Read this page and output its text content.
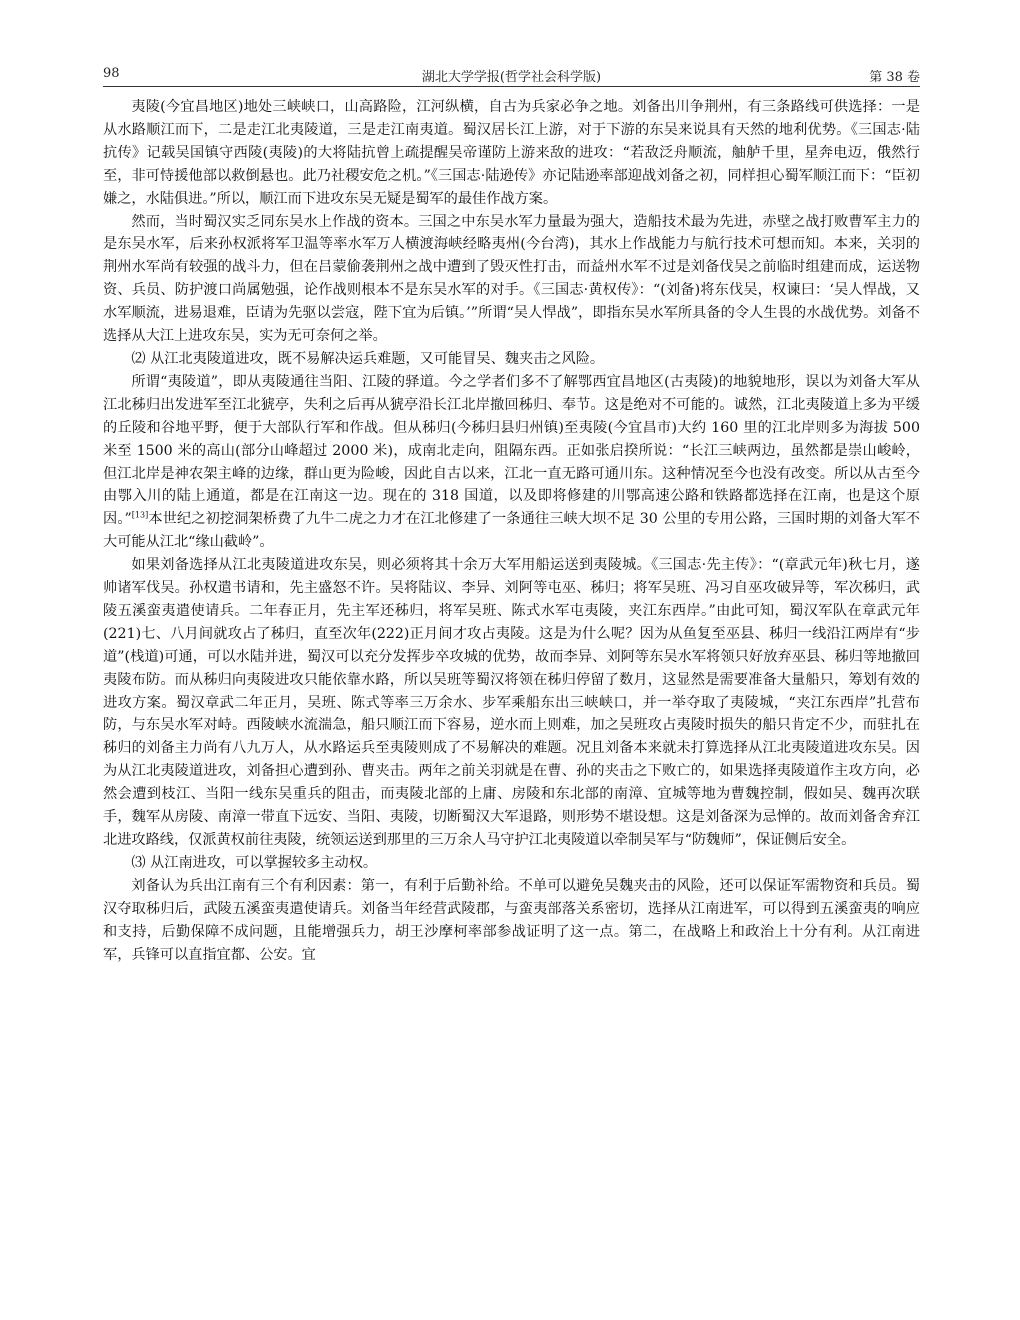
98	湖北大学学报(哲学社会科学版)	第 38 卷

夷陵(今宜昌地区)地处三峡峡口，山高路险，江河纵横，自古为兵家必争之地。刘备出川争荆州，有三条路线可供选择：一是从水路顺江而下，二是走江北夷陵道，三是走江南夷道。蜀汉居长江上游，对于下游的东吴来说具有天然的地利优势。《三国志·陆抗传》记载吴国镇守西陵(夷陵)的大将陆抗曾上疏提醒吴帝谨防上游来敌的进攻：“若敌泛舟顺流，舳舻千里，星奔电迈，俄然行至，非可恃援他部以救倒悬也。此乃社稷安危之机。”《三国志·陆逊传》亦记陆逊率部迎战刘备之初，同样担心蜀军顺江而下：“臣初嫌之，水陆俱进。”所以，顺江而下进攻东吴无疑是蜀军的最佳作战方案。

然而，当时蜀汉实乏同东吴水上作战的资本。三国之中东吴水军力量最为强大，造船技术最为先进，赤壁之战打败曹军主力的是东吴水军，后来孙权派将军卫温等率水军万人横渡海峡经略夷州(今台湾)，其水上作战能力与航行技术可想而知。本来，关羽的荆州水军尚有较强的战斗力，但在吕蒙偷袭荆州之战中遭到了毁灭性打击，而益州水军不过是刘备伐吴之前临时组建而成，运送物资、兵员、防护渡口尚属勉强，论作战则根本不是东吴水军的对手。《三国志·黄权传》：“(刘备)将东伐吴，权谏曰：‘吴人悍战，又水军顺流，进易退难，臣请为先驱以尝寇，陛下宜为后镇。’”所谓“吴人悍战”，即指东吴水军所具备的令人生畏的水战优势。刘备不选择从大江上进攻东吴，实为无可奈何之举。

⑵ 从江北夷陵道进攻，既不易解决运兵难题，又可能冒吴、魏夹击之风险。

所谓“夷陵道”，即从夷陵通往当阳、江陵的驿道。今之学者们多不了解鄂西宜昌地区(古夷陵)的地貌地形，误以为刘备大军从江北秭归出发进军至江北猇亭，失利之后再从猇亭沿长江北岸撤回秭归、奉节。这是绝对不可能的。诚然，江北夷陵道上多为平缓的丘陵和谷地平野，便于大部队行军和作战。但从秭归(今秭归县归州镇)至夷陵(今宜昌市)大约 160 里的江北岸则多为海拔 500 米至 1500 米的高山(部分山峰超过 2000 米)，成南北走向，阻隔东西。正如张启揆所说：“长江三峡两边，虽然都是崇山峻岭，但江北岸是神农架主峰的边缘，群山更为险峻，因此自古以来，江北一直无路可通川东。这种情况至今也没有改变。所以从古至今由鄂入川的陆上通道，都是在江南这一边。现在的 318 国道，以及即将修建的川鄂高速公路和铁路都选择在江南，也是这个原因。”[13]本世纪之初挖洞架桥费了九牛二虎之力才在江北修建了一条通往三峡大坝不足 30 公里的专用公路，三国时期的刘备大军不大可能从江北“缘山截岭”。

如果刘备选择从江北夷陵道进攻东吴，则必须将其十余万大军用船运送到夷陵城。《三国志·先主传》：“(章武元年)秋七月，遂帅诸军伐吴。孙权遣书请和，先主盛怒不许。吴将陆议、李异、刘阿等屯巫、秭归；将军吴班、冯习自巫攻破异等，军次秭归，武陵五溪蛮夷遣使请兵。二年春正月，先主军还秭归，将军吴班、陈式水军屯夷陵，夹江东西岸。”由此可知，蜀汉军队在章武元年(221)七、八月间就攻占了秭归，直至次年(222)正月间才攻占夷陵。这是为什么呢？因为从鱼复至巫县、秭归一线沿江两岸有“步道”(栈道)可通，可以水陆并进，蜀汉可以充分发挥步卒攻城的优势，故而李异、刘阿等东吴水军将领只好放弃巫县、秭归等地撤回夷陵布防。而从秭归向夷陵进攻只能依靠水路，所以吴班等蜀汉将领在秭归停留了数月，这显然是需要准备大量船只，筹划有效的进攻方案。蜀汉章武二年正月，吴班、陈式等率三万余水、步军乘船东出三峡峡口，并一举夺取了夷陵城，“夹江东西岸”扎营布防，与东吴水军对峙。西陵峡水流湍急，船只顺江而下容易，逆水而上则难，加之吴班攻占夷陵时损失的船只肯定不少，而驻扎在秭归的刘备主力尚有八九万人，从水路运兵至夷陵则成了不易解决的难题。况且刘备本来就未打算选择从江北夷陵道进攻东吴。因为从江北夷陵道进攻，刘备担心遭到孙、曹夹击。两年之前关羽就是在曹、孙的夹击之下败亡的，如果选择夷陵道作主攻方向，必然会遭到枝江、当阳一线东吴重兵的阻击，而夷陵北部的上庸、房陵和东北部的南漳、宜城等地为曹魏控制，假如吴、魏再次联手，魏军从房陵、南漳一带直下远安、当阳、夷陵，切断蜀汉大军退路，则形势不堪设想。这是刘备深为忌惮的。故而刘备舍弃江北进攻路线，仅派黄权前往夷陵，统领运送到那里的三万余人马守护江北夷陵道以牵制吴军与“防魏师”，保证侧后安全。

⑶ 从江南进攻，可以掌握较多主动权。

刘备认为兵出江南有三个有利因素：第一，有利于后勤补给。不单可以避免吴魏夹击的风险，还可以保证军需物资和兵员。蜀汉夺取秭归后，武陵五溪蛮夷遣使请兵。刘备当年经营武陵郡，与蛮夷部落关系密切，选择从江南进军，可以得到五溪蛮夷的响应和支持，后勤保障不成问题，且能增强兵力，胡王沙摩柯率部参战证明了这一点。第二，在战略上和政治上十分有利。从江南进军，兵锋可以直指宜都、公安。宜
